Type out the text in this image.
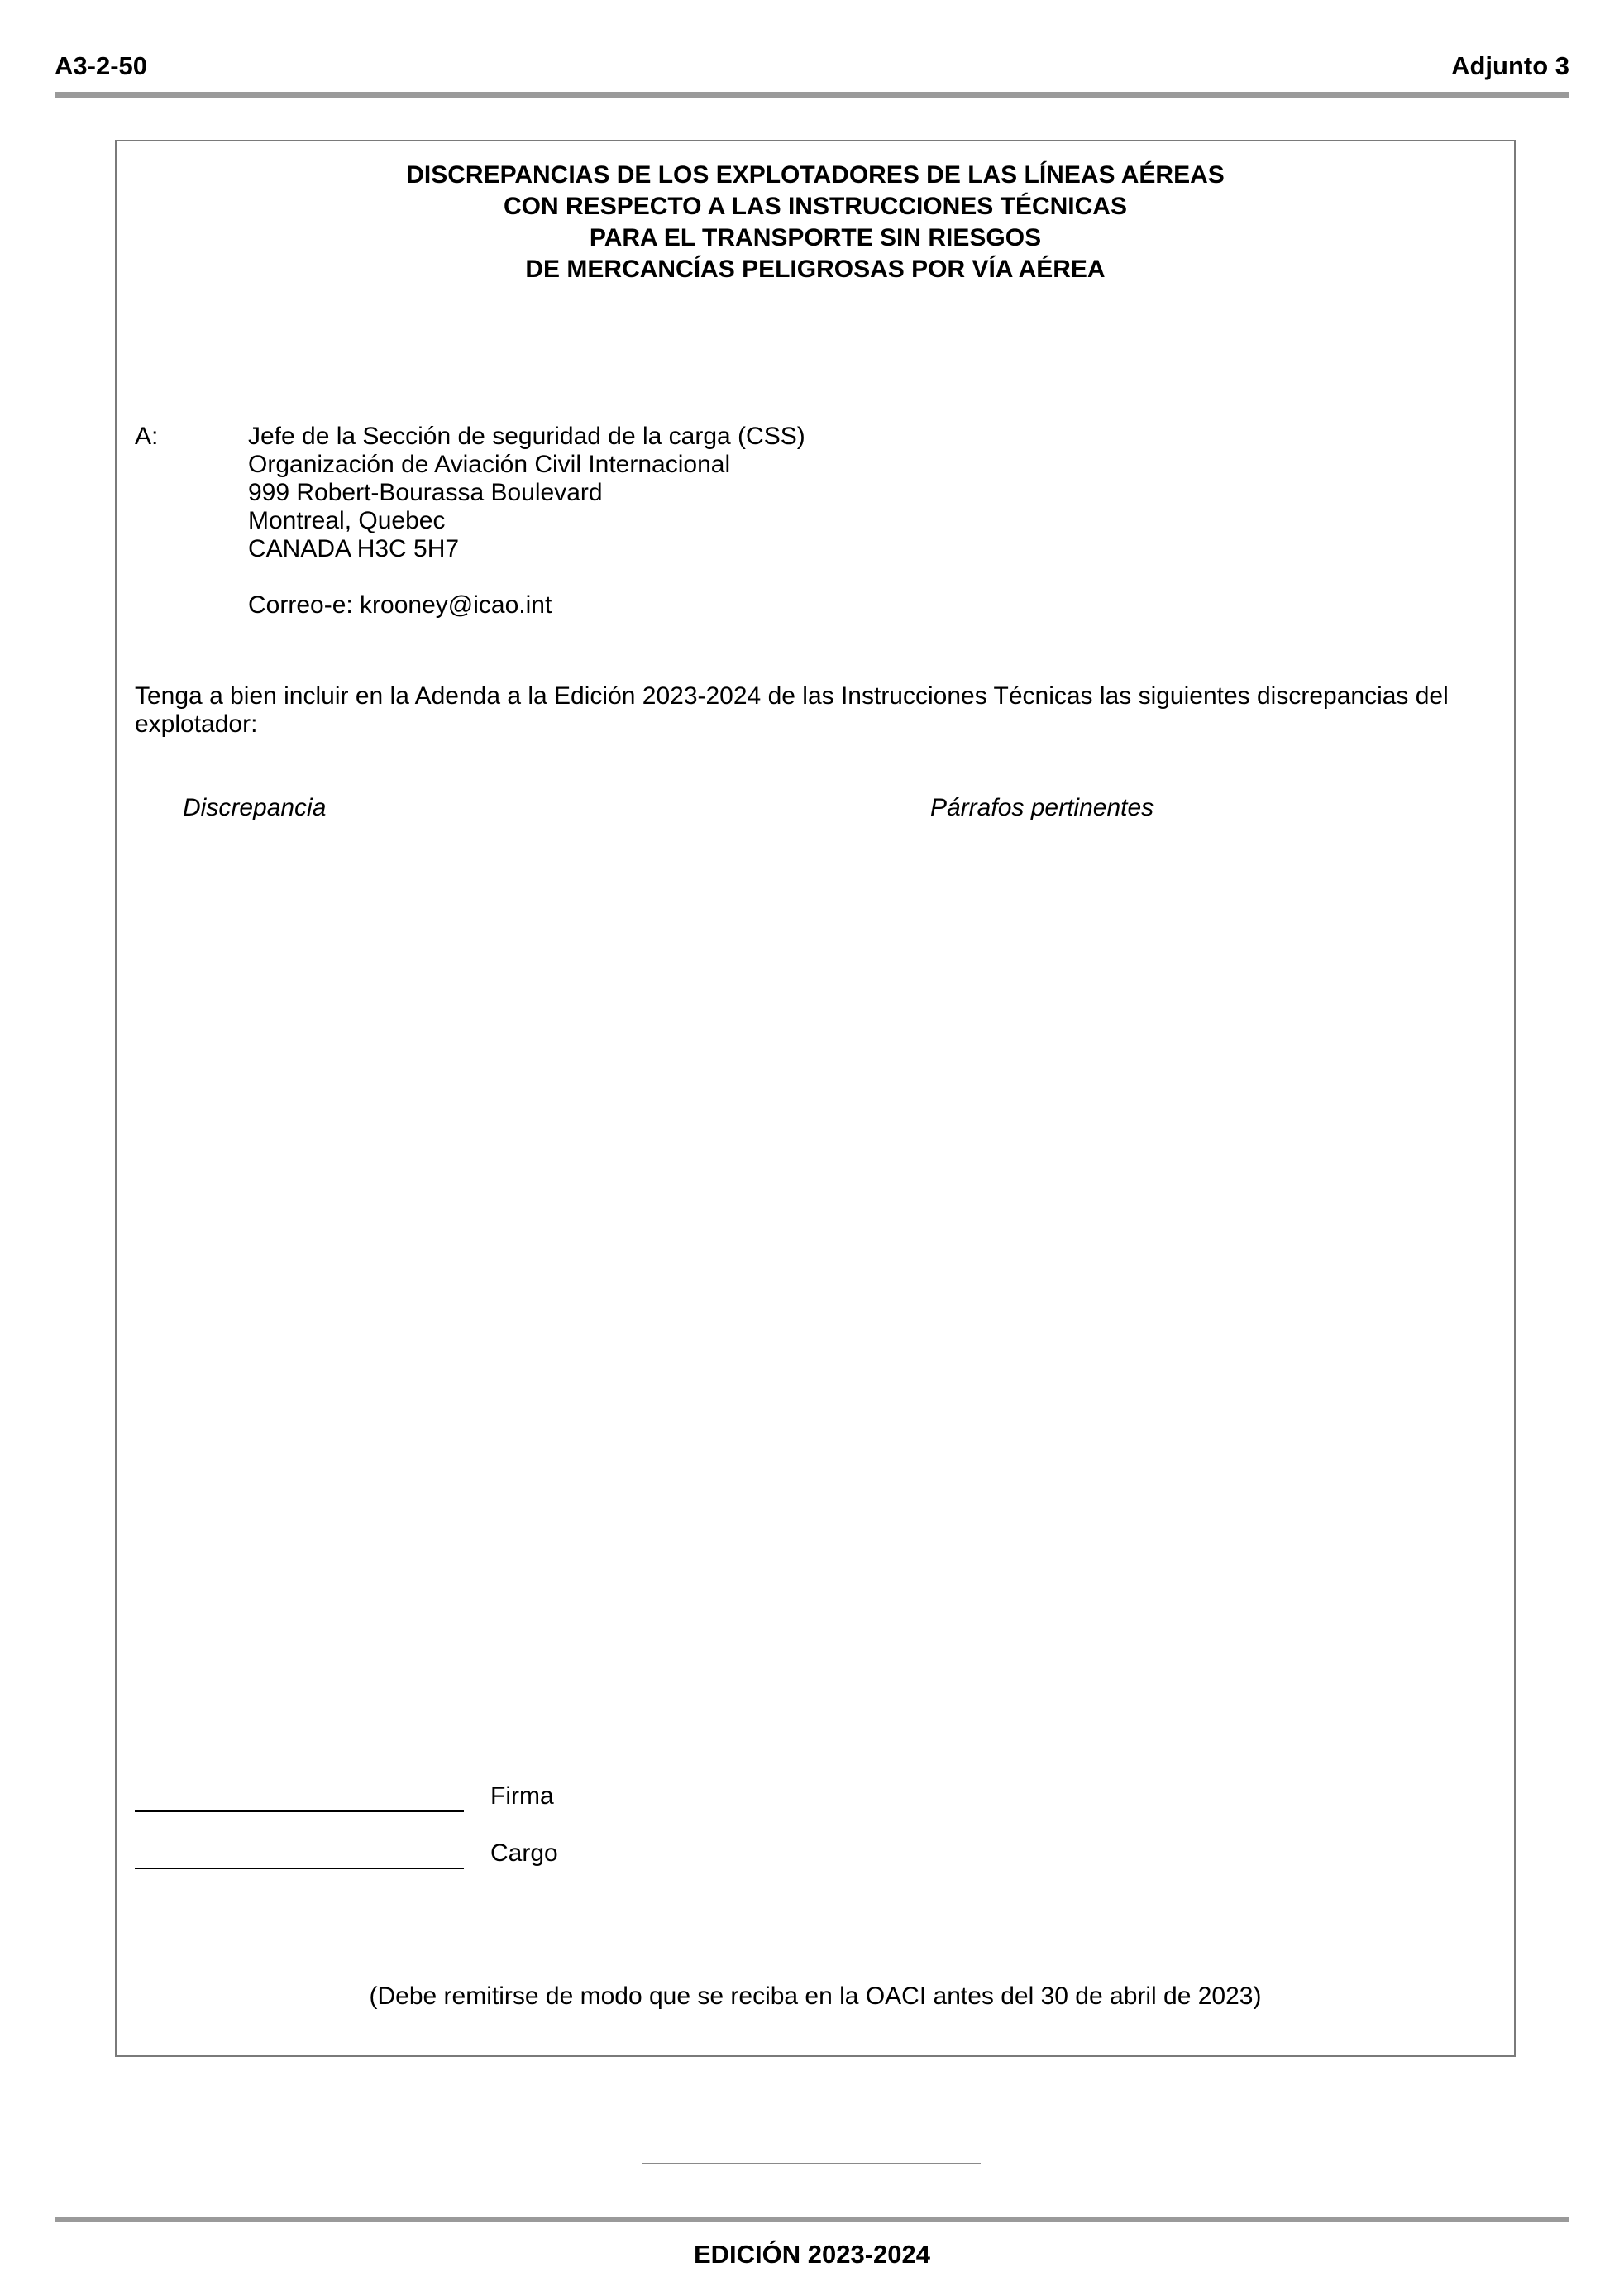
A3-2-50	Adjunto 3
DISCREPANCIAS DE LOS EXPLOTADORES DE LAS LÍNEAS AÉREAS
CON RESPECTO A LAS INSTRUCCIONES TÉCNICAS
PARA EL TRANSPORTE SIN RIESGOS
DE MERCANCÍAS PELIGROSAS POR VÍA AÉREA
A:	Jefe de la Sección de seguridad de la carga (CSS)
Organización de Aviación Civil Internacional
999 Robert-Bourassa Boulevard
Montreal, Quebec
CANADA H3C 5H7
Correo-e: krooney@icao.int
Tenga a bien incluir en la Adenda a la Edición 2023-2024 de las Instrucciones Técnicas las siguientes discrepancias del explotador:
Discrepancia	Párrafos pertinentes
Firma
Cargo
(Debe remitirse de modo que se reciba en la OACI antes del 30 de abril de 2023)
EDICIÓN 2023-2024
